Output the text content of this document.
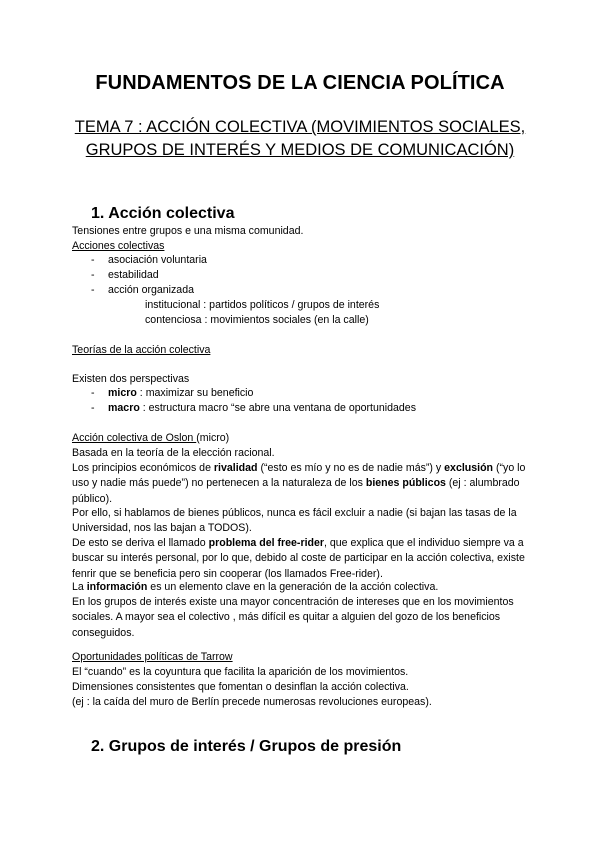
FUNDAMENTOS DE LA CIENCIA POLÍTICA
TEMA 7 : ACCIÓN COLECTIVA (MOVIMIENTOS SOCIALES, GRUPOS DE INTERÉS Y MEDIOS DE COMUNICACIÓN)
1. Acción colectiva
Tensiones entre grupos e una misma comunidad.
Acciones colectivas
- asociación voluntaria
- estabilidad
- acción organizada
institucional : partidos políticos / grupos de interés
contenciosa : movimientos sociales (en la calle)
Teorías de la acción colectiva
Existen dos perspectivas
- micro : maximizar su beneficio
- macro : estructura macro “se abre una ventana de oportunidades
Acción colectiva de Oslon (micro)
Basada en la teoría de la elección racional.
Los principios económicos de rivalidad (“esto es mío y no es de nadie más”) y exclusión (“yo lo uso y nadie más puede”) no pertenecen a la naturaleza de los bienes públicos (ej : alumbrado público).
Por ello, si hablamos de bienes públicos, nunca es fácil excluir a nadie (si bajan las tasas de la Universidad, nos las bajan a TODOS).
De esto se deriva el llamado problema del free-rider, que explica que el individuo siempre va a buscar su interés personal, por lo que, debido al coste de participar en la acción colectiva, existe fenrir que se beneficia pero sin cooperar (los llamados Free-rider).
La información es un elemento clave en la generación de la acción colectiva.
En los grupos de interés existe una mayor concentración de intereses que en los movimientos sociales. A mayor sea el colectivo , más difícil es quitar a alguien del gozo de los beneficios conseguidos.
Oportunidades políticas de Tarrow
El “cuando” es la coyuntura que facilita la aparición de los movimientos.
Dimensiones consistentes que fomentan o desinflan la acción colectiva.
(ej : la caída del muro de Berlín precede numerosas revoluciones europeas).
2. Grupos de interés / Grupos de presión
